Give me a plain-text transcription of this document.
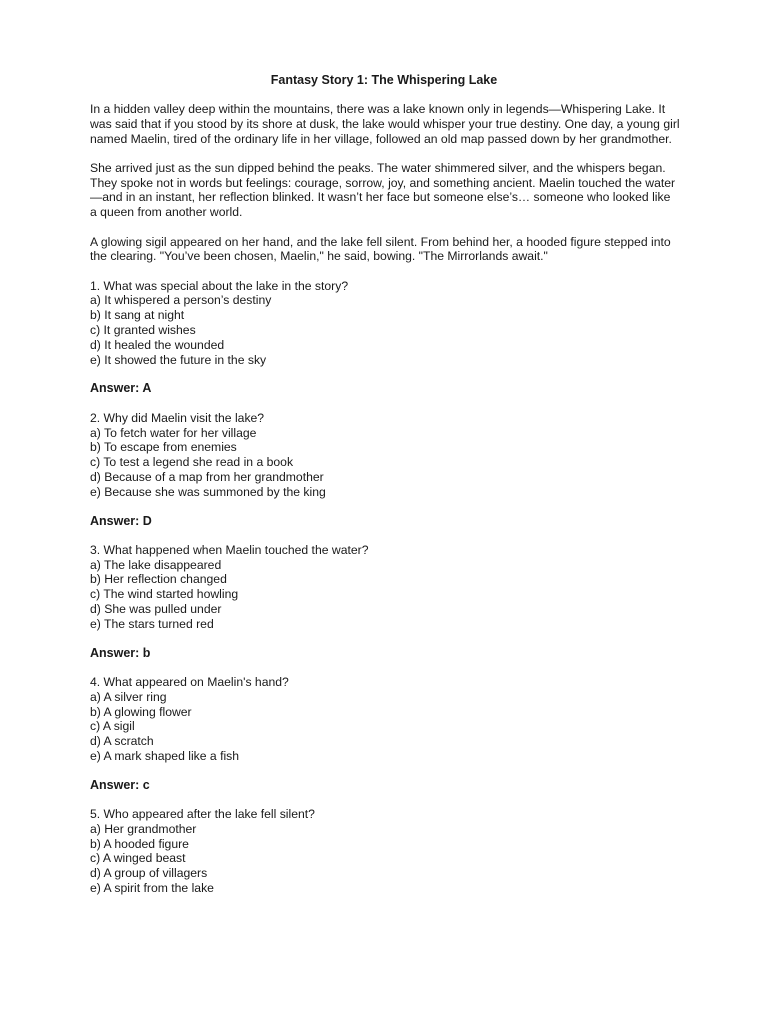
Fantasy Story 1: The Whispering Lake

In a hidden valley deep within the mountains, there was a lake known only in legends—Whispering Lake. It was said that if you stood by its shore at dusk, the lake would whisper your true destiny. One day, a young girl named Maelin, tired of the ordinary life in her village, followed an old map passed down by her grandmother.

She arrived just as the sun dipped behind the peaks. The water shimmered silver, and the whispers began. They spoke not in words but feelings: courage, sorrow, joy, and something ancient. Maelin touched the water—and in an instant, her reflection blinked. It wasn’t her face but someone else’s… someone who looked like a queen from another world.

A glowing sigil appeared on her hand, and the lake fell silent. From behind her, a hooded figure stepped into the clearing. "You’ve been chosen, Maelin," he said, bowing. "The Mirrorlands await."

1. What was special about the lake in the story?

a) It whispered a person’s destiny

b) It sang at night

c) It granted wishes

d) It healed the wounded

e) It showed the future in the sky

Answer: A

2. Why did Maelin visit the lake?

a) To fetch water for her village

b) To escape from enemies

c) To test a legend she read in a book

d) Because of a map from her grandmother

e) Because she was summoned by the king

Answer: D

3. What happened when Maelin touched the water?

a) The lake disappeared

b) Her reflection changed

c) The wind started howling

d) She was pulled under

e) The stars turned red

Answer: b

4. What appeared on Maelin's hand?

a) A silver ring

b) A glowing flower

c) A sigil

d) A scratch

e) A mark shaped like a fish

Answer: c

5. Who appeared after the lake fell silent?

a) Her grandmother

b) A hooded figure

c) A winged beast

d) A group of villagers

e) A spirit from the lake
